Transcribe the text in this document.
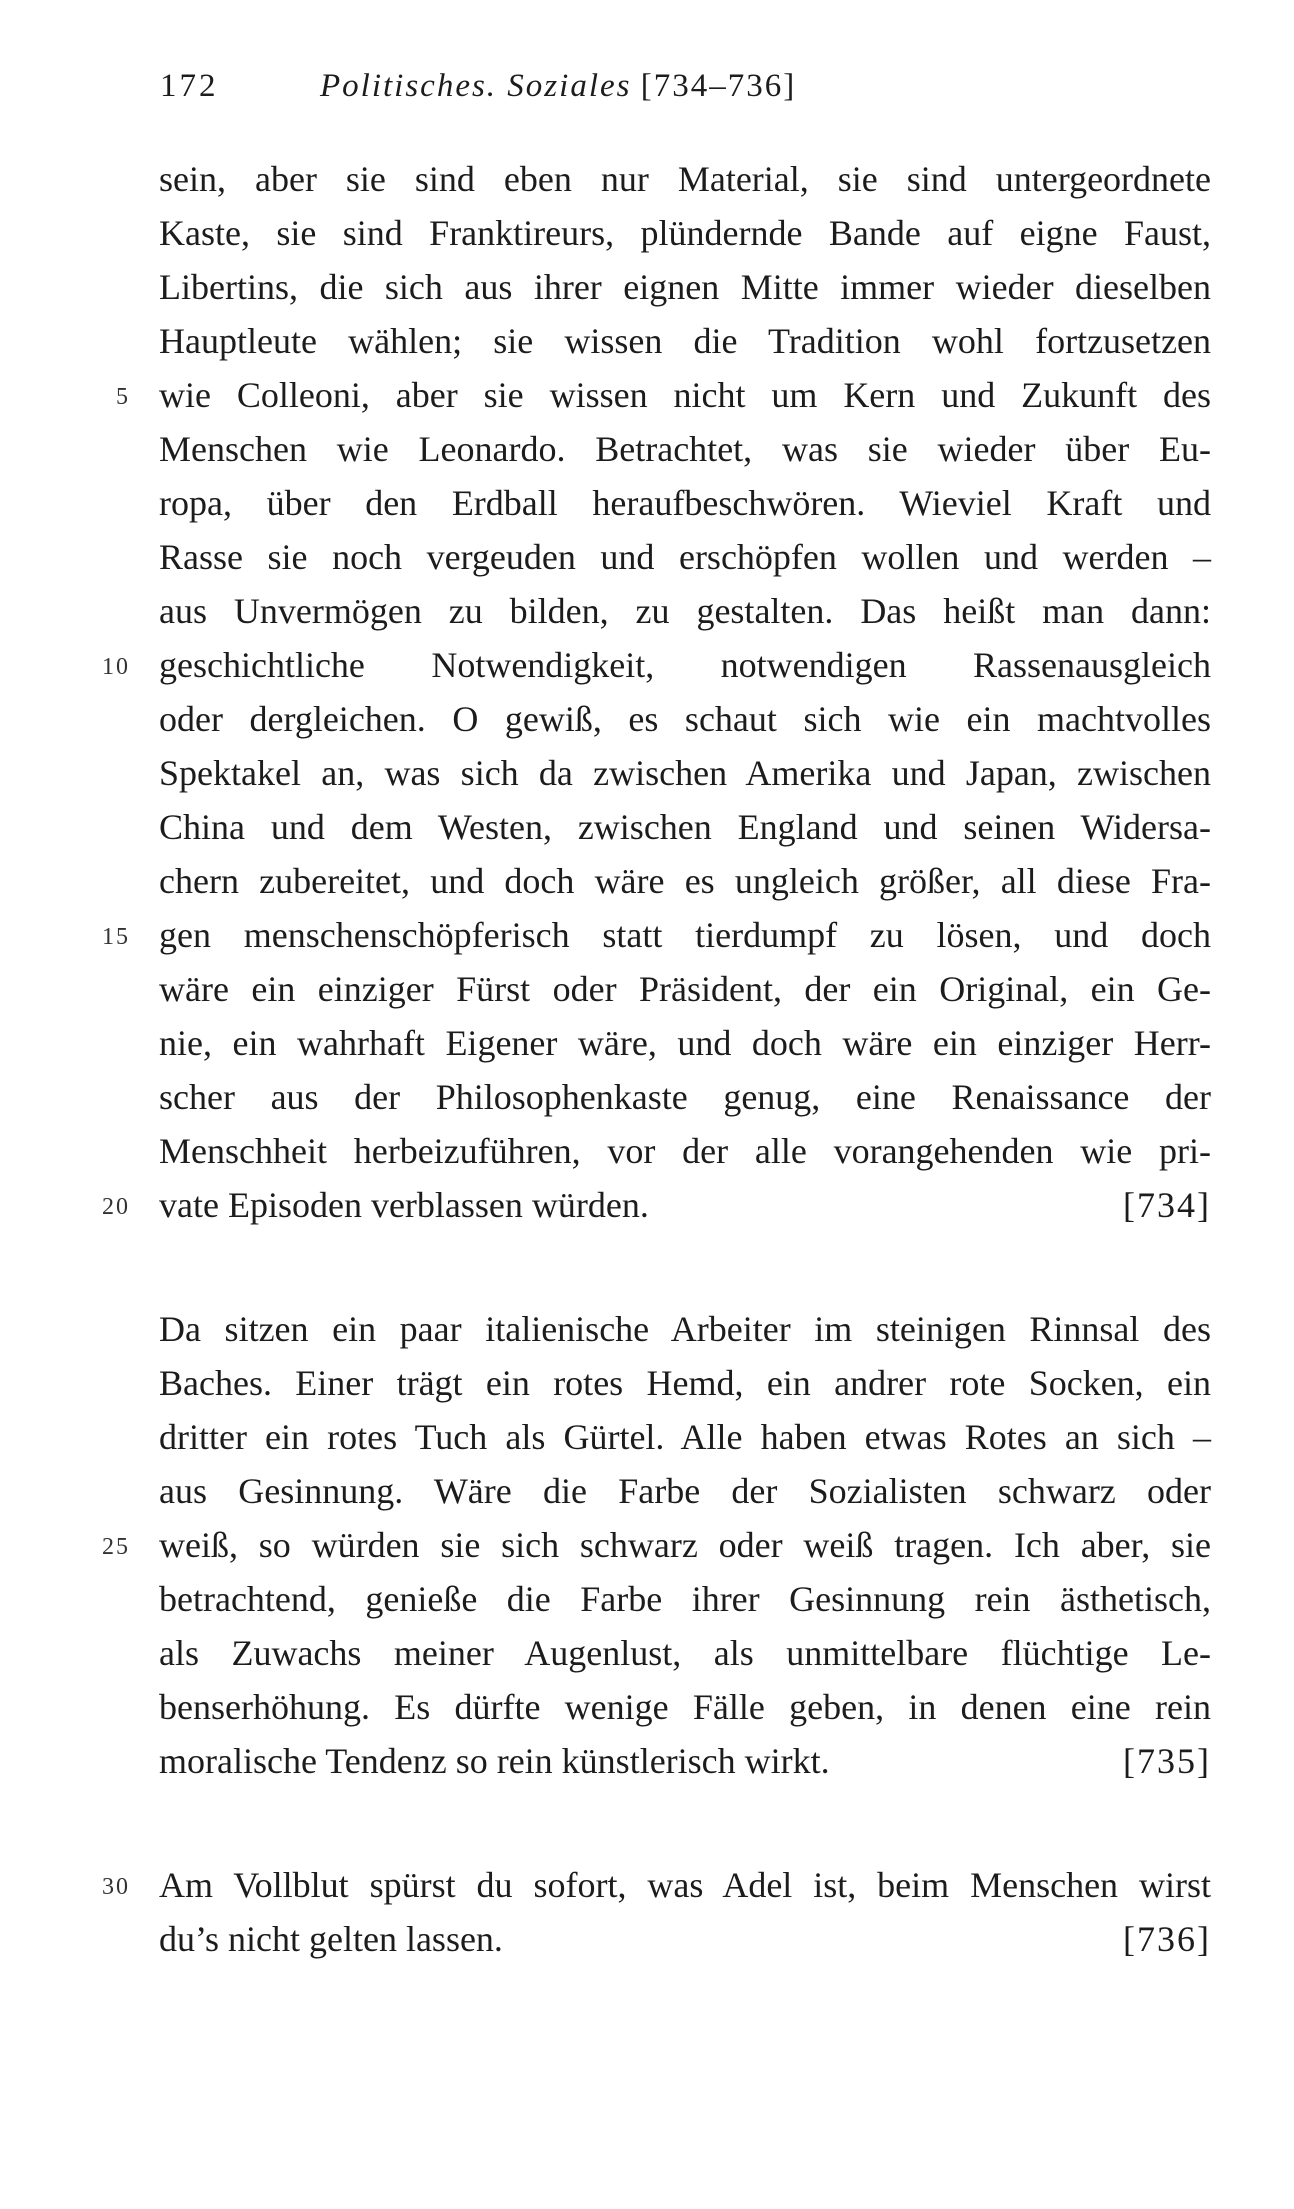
172	Politisches. Soziales [734–736]
sein, aber sie sind eben nur Material, sie sind untergeordnete
Kaste, sie sind Franktireurs, plündernde Bande auf eigne Faust,
Libertins, die sich aus ihrer eignen Mitte immer wieder dieselben
Hauptleute wählen; sie wissen die Tradition wohl fortzusetzen
wie Colleoni, aber sie wissen nicht um Kern und Zukunft des
Menschen wie Leonardo. Betrachtet, was sie wieder über Eu-
ropa, über den Erdball heraufbeschwören. Wieviel Kraft und
Rasse sie noch vergeuden und erschöpfen wollen und werden –
aus Unvermögen zu bilden, zu gestalten. Das heißt man dann:
geschichtliche Notwendigkeit, notwendigen Rassenausgleich
oder dergleichen. O gewiß, es schaut sich wie ein machtvolles
Spektakel an, was sich da zwischen Amerika und Japan, zwischen
China und dem Westen, zwischen England und seinen Widersa-
chern zubereitet, und doch wäre es ungleich größer, all diese Fra-
gen menschenschöpferisch statt tierdumpf zu lösen, und doch
wäre ein einziger Fürst oder Präsident, der ein Original, ein Ge-
nie, ein wahrhaft Eigener wäre, und doch wäre ein einziger Herr-
scher aus der Philosophenkaste genug, eine Renaissance der
Menschheit herbeizuführen, vor der alle vorangehenden wie pri-
vate Episoden verblassen würden.	[734]
Da sitzen ein paar italienische Arbeiter im steinigen Rinnsal des
Baches. Einer trägt ein rotes Hemd, ein andrer rote Socken, ein
dritter ein rotes Tuch als Gürtel. Alle haben etwas Rotes an sich –
aus Gesinnung. Wäre die Farbe der Sozialisten schwarz oder
weiß, so würden sie sich schwarz oder weiß tragen. Ich aber, sie
betrachtend, genieße die Farbe ihrer Gesinnung rein ästhetisch,
als Zuwachs meiner Augenlust, als unmittelbare flüchtige Le-
benserhöhung. Es dürfte wenige Fälle geben, in denen eine rein
moralische Tendenz so rein künstlerisch wirkt.	[735]
Am Vollblut spürst du sofort, was Adel ist, beim Menschen wirst
du’s nicht gelten lassen.	[736]
5
10
15
20
25
30
